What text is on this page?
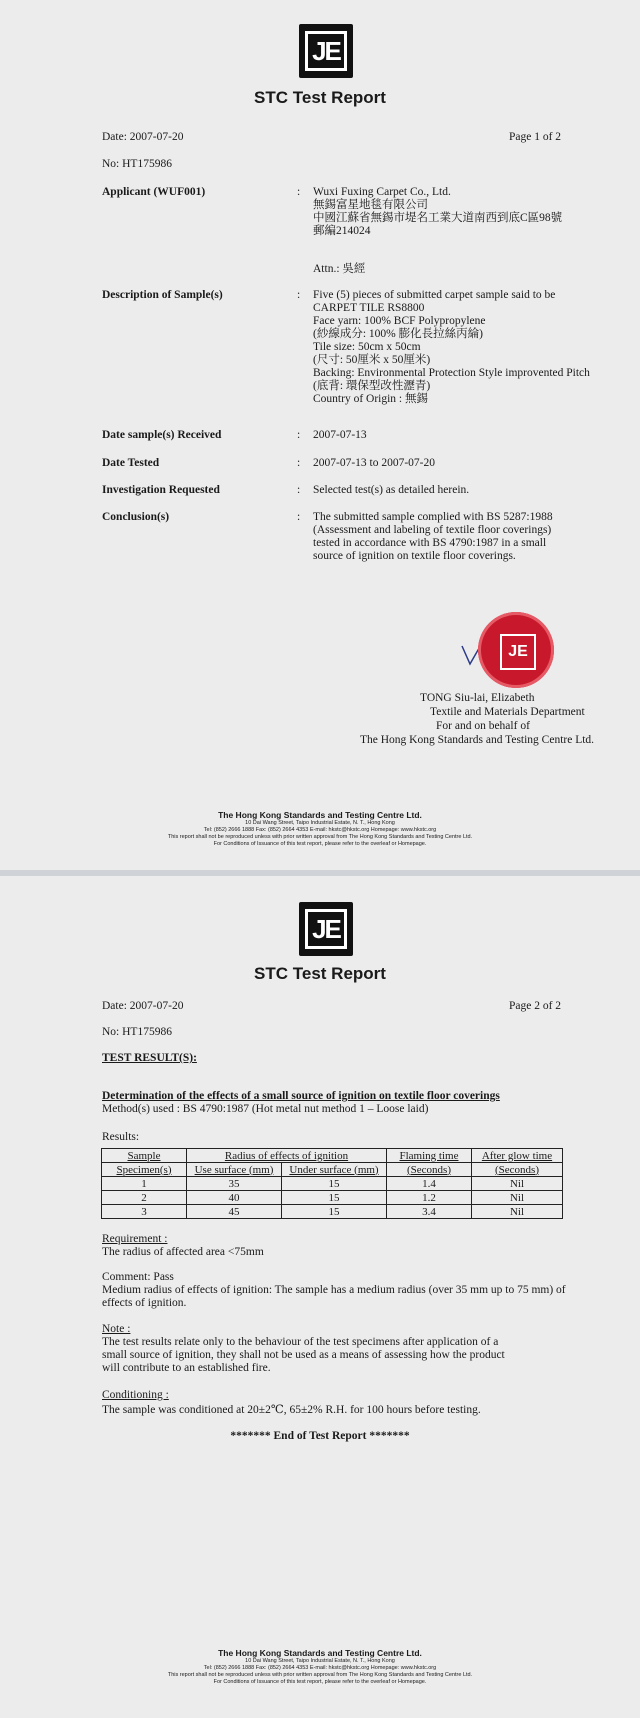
JE
STC Test Report
Date: 2007-07-20	Page 1 of 2
No: HT175986
Applicant (WUF001)	: Wuxi Fuxing Carpet Co., Ltd.
無錫富星地毯有限公司
中國江蘇省無錫市堤名工業大道南西到底C區98號
郵編214024
Attn.: 吳經
Description of Sample(s)	: Five (5) pieces of submitted carpet sample said to be
CARPET TILE RS8800
Face yarn: 100% BCF Polypropylene
(紗線成分: 100% 膨化長拉絲丙綸)
Tile size: 50cm x 50cm
(尺寸: 50厘米 x 50厘米)
Backing: Environmental Protection Style improvented Pitch
(底背: 環保型改性瀝青)
Country of Origin : 無錫
Date sample(s) Received	: 2007-07-13
Date Tested	: 2007-07-13 to 2007-07-20
Investigation Requested	: Selected test(s) as detailed herein.
Conclusion(s)	: The submitted sample complied with BS 5287:1988
(Assessment and labeling of textile floor coverings)
tested in accordance with BS 4790:1987 in a small
source of ignition on textile floor coverings.
JE
TONG Siu-lai, Elizabeth
Textile and Materials Department
For and on behalf of
The Hong Kong Standards and Testing Centre Ltd.
The Hong Kong Standards and Testing Centre Ltd.
10 Dai Wang Street, Taipo Industrial Estate, N. T., Hong Kong
Tel: (852) 2666 1888 Fax: (852) 2664 4353 E-mail: hkstc@hkstc.org Homepage: www.hkstc.org
This report shall not be reproduced unless with prior written approval from The Hong Kong Standards and Testing Centre Ltd.
For Conditions of Issuance of this test report, please refer to the overleaf or Homepage.
JE
STC Test Report
Date: 2007-07-20	Page 2 of 2
No: HT175986
TEST RESULT(S):
Determination of the effects of a small source of ignition on textile floor coverings
Method(s) used : BS 4790:1987 (Hot metal nut method 1 – Loose laid)
Results:
Requirement :
The radius of affected area <75mm
Comment: Pass
Medium radius of effects of ignition: The sample has a medium radius (over 35 mm up to 75 mm) of
effects of ignition.
Note :
The test results relate only to the behaviour of the test specimens after application of a
small source of ignition, they shall not be used as a means of assessing how the product
will contribute to an established fire.
Conditioning :
The sample was conditioned at 20±2℃, 65±2% R.H. for 100 hours before testing.
******* End of Test Report *******
The Hong Kong Standards and Testing Centre Ltd.
10 Dai Wang Street, Taipo Industrial Estate, N. T., Hong Kong
Tel: (852) 2666 1888 Fax: (852) 2664 4353 E-mail: hkstc@hkstc.org Homepage: www.hkstc.org
This report shall not be reproduced unless with prior written approval from The Hong Kong Standards and Testing Centre Ltd.
For Conditions of Issuance of this test report, please refer to the overleaf or Homepage.
Sample	Radius of effects of ignition		Flaming time	After glow time
Specimen(s)	Use surface (mm)	Under surface (mm)	(Seconds)	(Seconds)
1	35	15	1.4	Nil
2	40	15	1.2	Nil
3	45	15	3.4	Nil
